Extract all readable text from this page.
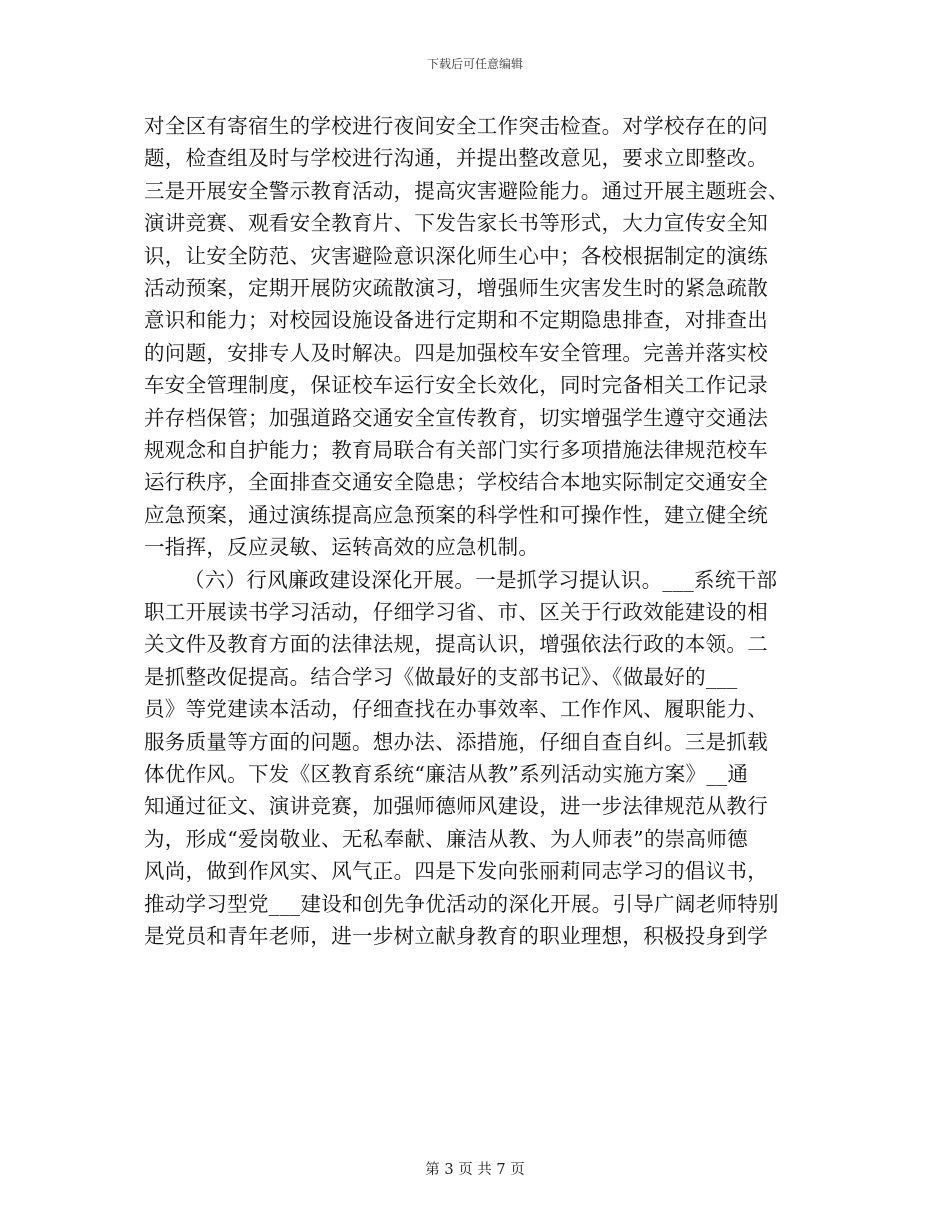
下载后可任意编辑
对全区有寄宿生的学校进行夜间安全工作突击检查。对学校存在的问
题，检查组及时与学校进行沟通，并提出整改意见，要求立即整改。
三是开展安全警示教育活动，提高灾害避险能力。通过开展主题班会、
演讲竞赛、观看安全教育片、下发告家长书等形式，大力宣传安全知
识，让安全防范、灾害避险意识深化师生心中；各校根据制定的演练
活动预案，定期开展防灾疏散演习，增强师生灾害发生时的紧急疏散
意识和能力；对校园设施设备进行定期和不定期隐患排查，对排查出
的问题，安排专人及时解决。四是加强校车安全管理。完善并落实校
车安全管理制度，保证校车运行安全长效化，同时完备相关工作记录
并存档保管；加强道路交通安全宣传教育，切实增强学生遵守交通法
规观念和自护能力；教育局联合有关部门实行多项措施法律规范校车
运行秩序，全面排查交通安全隐患；学校结合本地实际制定交通安全
应急预案，通过演练提高应急预案的科学性和可操作性，建立健全统
一指挥，反应灵敏、运转高效的应急机制。
（六）行风廉政建设深化开展。一是抓学习提认识。___系统干部
职工开展读书学习活动，仔细学习省、市、区关于行政效能建设的相
关文件及教育方面的法律法规，提高认识，增强依法行政的本领。二
是抓整改促提高。结合学习《做最好的支部书记》、《做最好的___
员》等党建读本活动，仔细查找在办事效率、工作作风、履职能力、
服务质量等方面的问题。想办法、添措施，仔细自查自纠。三是抓载
体优作风。下发《区教育系统“廉洁从教”系列活动实施方案》__通
知通过征文、演讲竞赛，加强师德师风建设，进一步法律规范从教行
为，形成“爱岗敬业、无私奉献、廉洁从教、为人师表”的崇高师德
风尚，做到作风实、风气正。四是下发向张丽莉同志学习的倡议书，
推动学习型党___建设和创先争优活动的深化开展。引导广阔老师特别
是党员和青年老师，进一步树立献身教育的职业理想，积极投身到学
第 3 页 共 7 页
